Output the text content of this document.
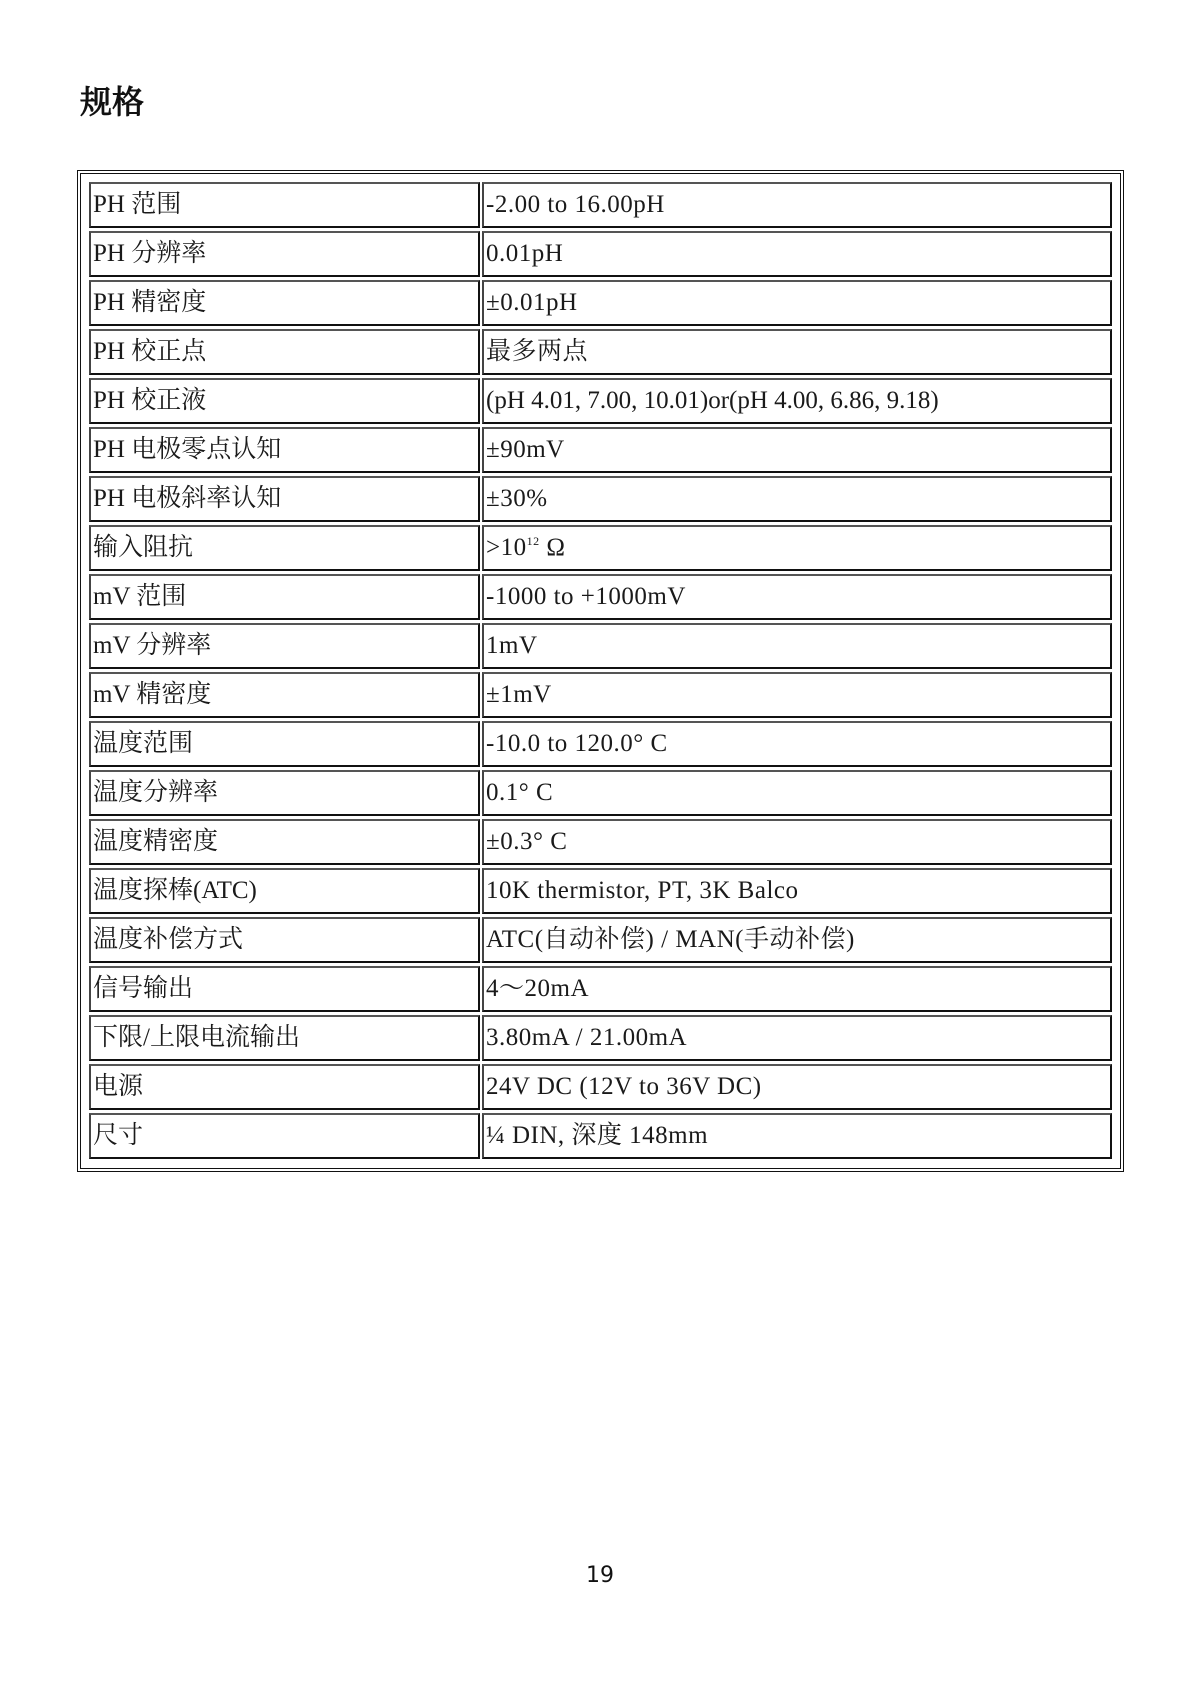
规格
PH 范围	-2.00 to 16.00pH
PH 分辨率	0.01pH
PH 精密度	±0.01pH
PH 校正点	最多两点
PH 校正液	(pH 4.01, 7.00, 10.01)or(pH 4.00, 6.86, 9.18)
PH 电极零点认知	±90mV
PH 电极斜率认知	±30%
输入阻抗	$>10^{12}$ Ω
mV 范围	-1000 to +1000mV
mV 分辨率	1mV
mV 精密度	±1mV
温度范围	-10.0 to 120.0° C
温度分辨率	0.1° C
温度精密度	±0.3° C
温度探棒(ATC)	10K thermistor, PT, 3K Balco
温度补偿方式	ATC(自动补偿) / MAN(手动补偿)
信号输出	4～20mA
下限/上限电流输出	3.80mA / 21.00mA
电源	24V DC (12V to 36V DC)
尺寸	¼ DIN, 深度 148mm
19
